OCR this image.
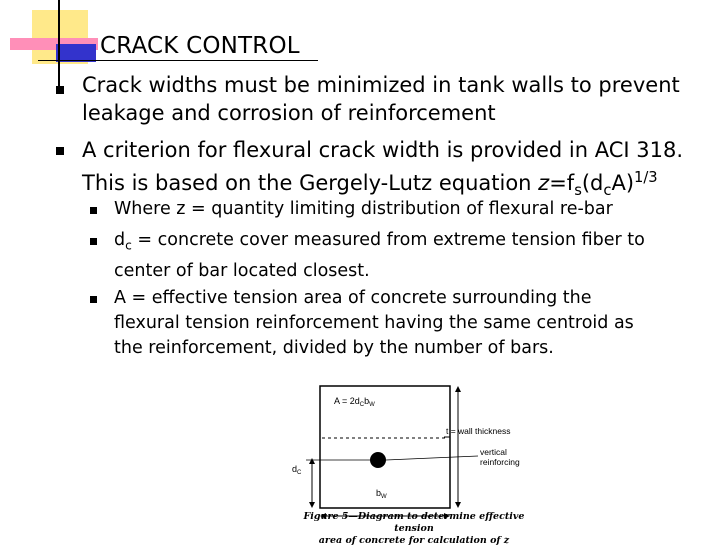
CRACK CONTROL
Crack widths must be minimized in tank walls to prevent
leakage and corrosion of reinforcement
A criterion for flexural crack width is provided in ACI 318.
This is based on the Gergely-Lutz equation $z=f_s(d_cA)^{1/3}$
Where z = quantity limiting distribution of flexural re-bar
$d_c$ = concrete cover measured from extreme tension fiber to
center of bar located closest.
A = effective tension area of concrete surrounding the
flexural tension reinforcement having the same centroid as
the reinforcement, divided by the number of bars.
$A = 2d_Cb_W$
t = wall thickness
vertical
reinforcing
$d_C$
$b_W$
Figure 5—Diagram to determine effective tension
area of concrete for calculation of z
